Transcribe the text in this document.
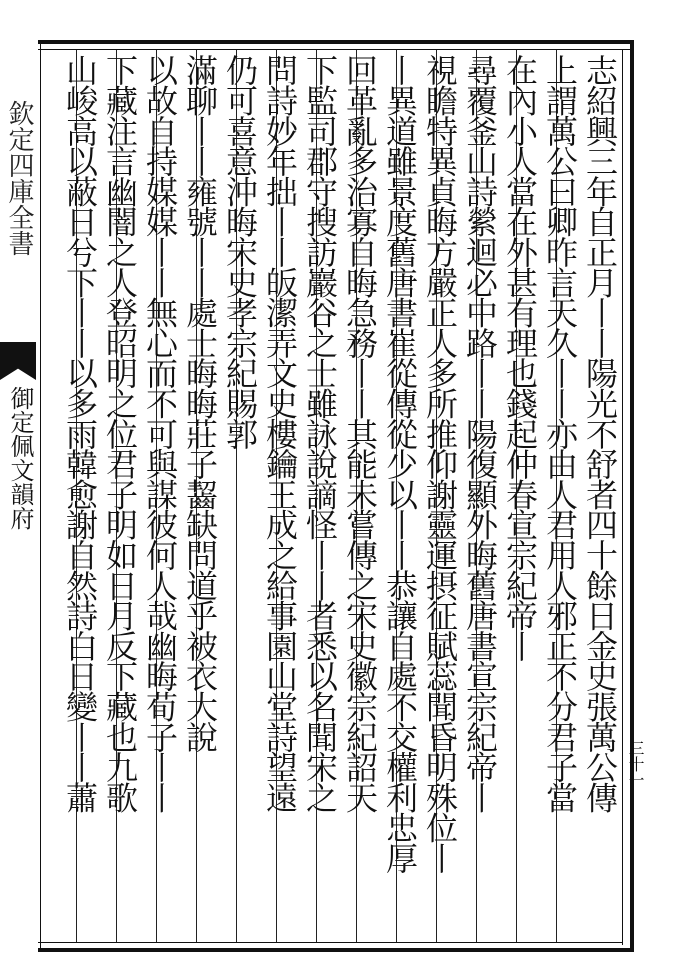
欽定四庫全書
御定佩文韻府	志紹興三年自正月丨丨陽光不舒者四十餘日金史張萬公傳
上謂萬公曰卿昨言天久丨丨亦由人君用人邪正不分君子當
在內小人當在外甚有理也錢起仲春宣宗紀帝丨
尋覆釜山詩縈迴必中路丨丨陽復顯外晦舊唐書宣宗紀帝丨
視瞻特異貞晦方嚴正人多所推仰謝靈運摂征賦蕊聞昏明殊位丨
丨異道雖景度舊唐書崔從傳從少以丨丨恭讓自處不交權利忠厚
回革亂多治寡自晦急務丨丨其能未嘗傳之宋史徽宗紀詔天
下監司郡守搜訪巖谷之士雖詠說謫怪丨丨者悉以名聞宋之
問詩妙年拙丨丨皈潔弄文史樓鑰王成之給事園山堂詩望遠
仍可喜意沖晦宋史孝宗紀賜郭
滿聊丨丨雍號丨丨處士晦晦莊子齧缺問道乎被衣大說
以故自持媒媒丨丨無心而不可與謀彼何人哉幽晦荀子丨丨
下藏注言幽闇之人登昭明之位君子明如日月反下藏也九歌
山峻高以蔽日兮下丨丨以多雨韓愈謝自然詩白日變丨丨蕭	三十一
